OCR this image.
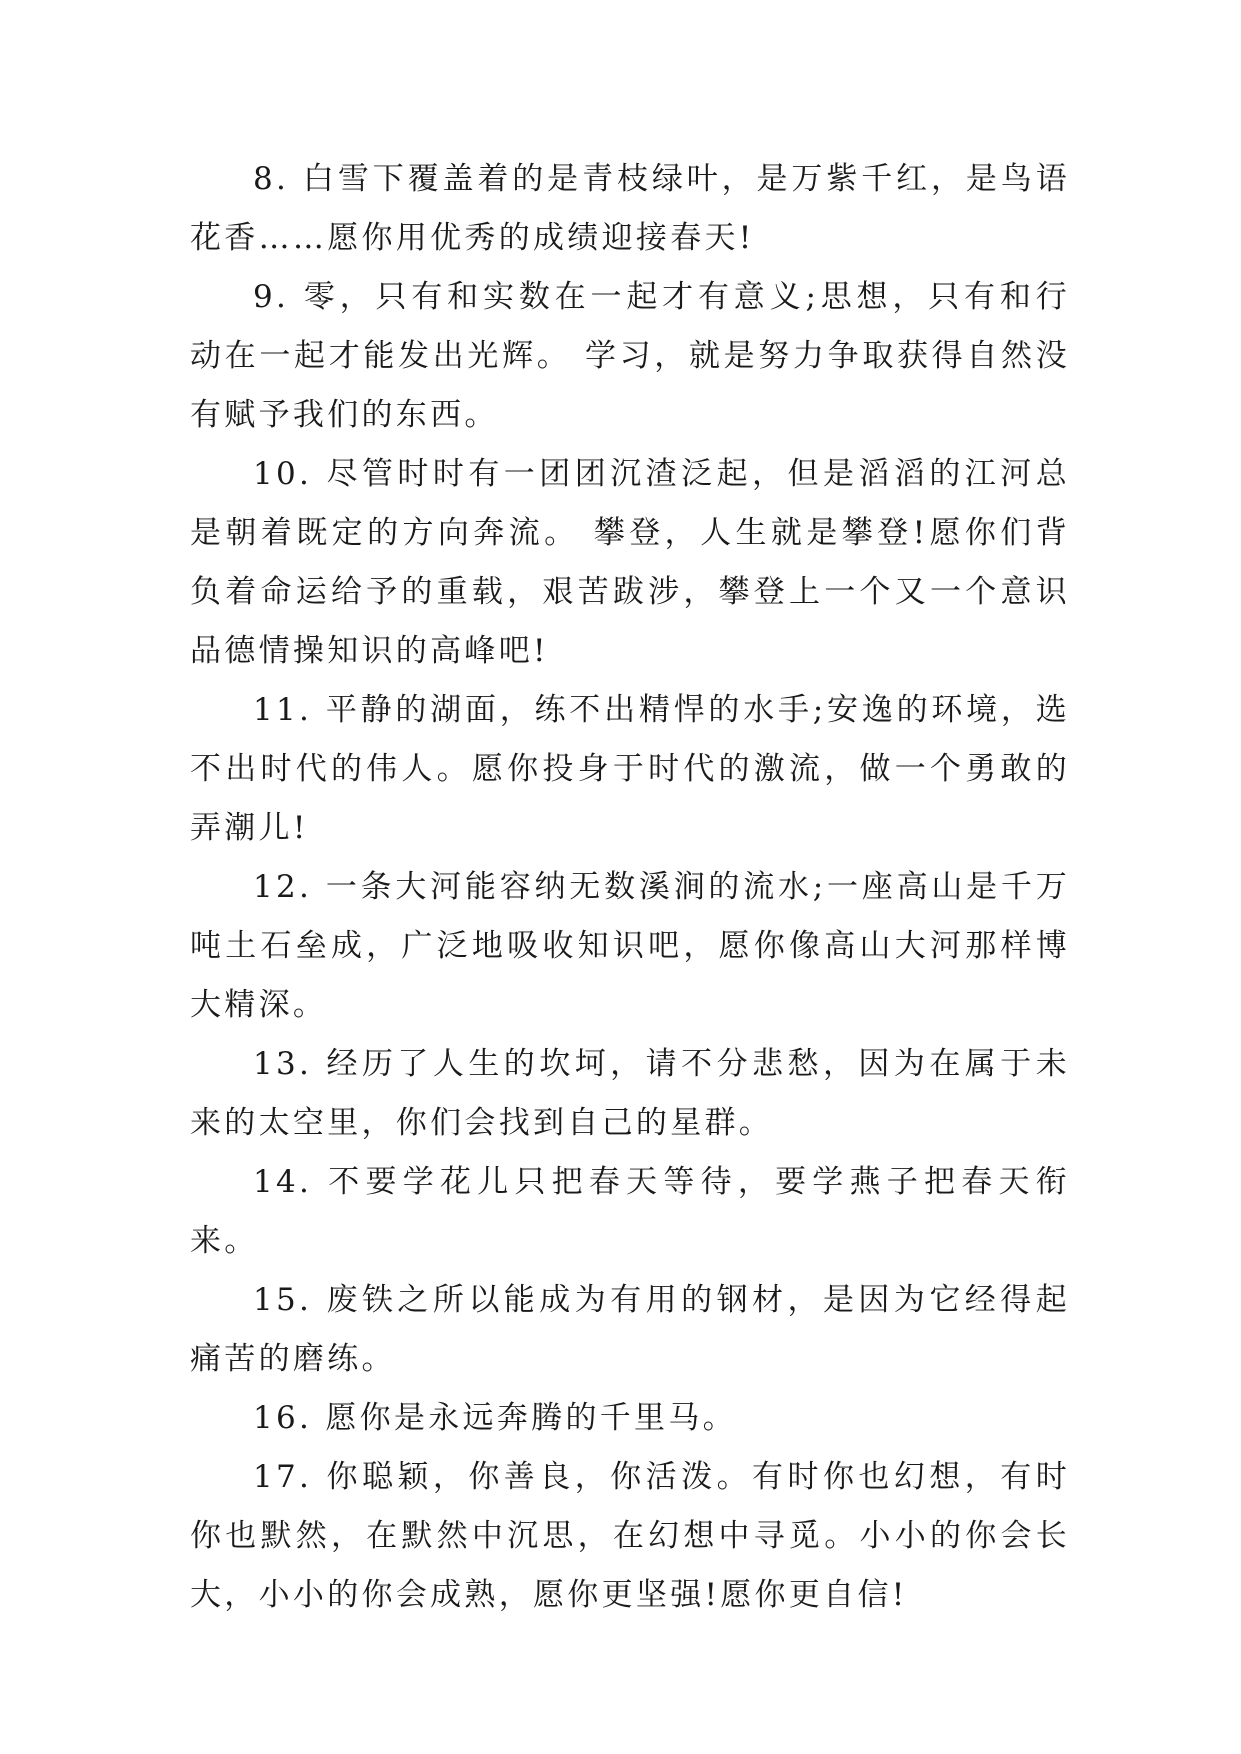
8. 白雪下覆盖着的是青枝绿叶，是万紫千红，是鸟语花香……愿你用优秀的成绩迎接春天!

9. 零，只有和实数在一起才有意义;思想，只有和行动在一起才能发出光辉。 学习，就是努力争取获得自然没有赋予我们的东西。

10. 尽管时时有一团团沉渣泛起，但是滔滔的江河总是朝着既定的方向奔流。 攀登，人生就是攀登!愿你们背负着命运给予的重载，艰苦跋涉，攀登上一个又一个意识品德情操知识的高峰吧!

11. 平静的湖面，练不出精悍的水手;安逸的环境，选不出时代的伟人。愿你投身于时代的激流，做一个勇敢的弄潮儿!

12. 一条大河能容纳无数溪涧的流水;一座高山是千万吨土石垒成，广泛地吸收知识吧，愿你像高山大河那样博大精深。

13. 经历了人生的坎坷，请不分悲愁，因为在属于未来的太空里，你们会找到自己的星群。

14. 不要学花儿只把春天等待，要学燕子把春天衔来。

15. 废铁之所以能成为有用的钢材，是因为它经得起痛苦的磨练。

16. 愿你是永远奔腾的千里马。

17. 你聪颖，你善良，你活泼。有时你也幻想，有时你也默然，在默然中沉思，在幻想中寻觅。小小的你会长大，小小的你会成熟，愿你更坚强!愿你更自信!
